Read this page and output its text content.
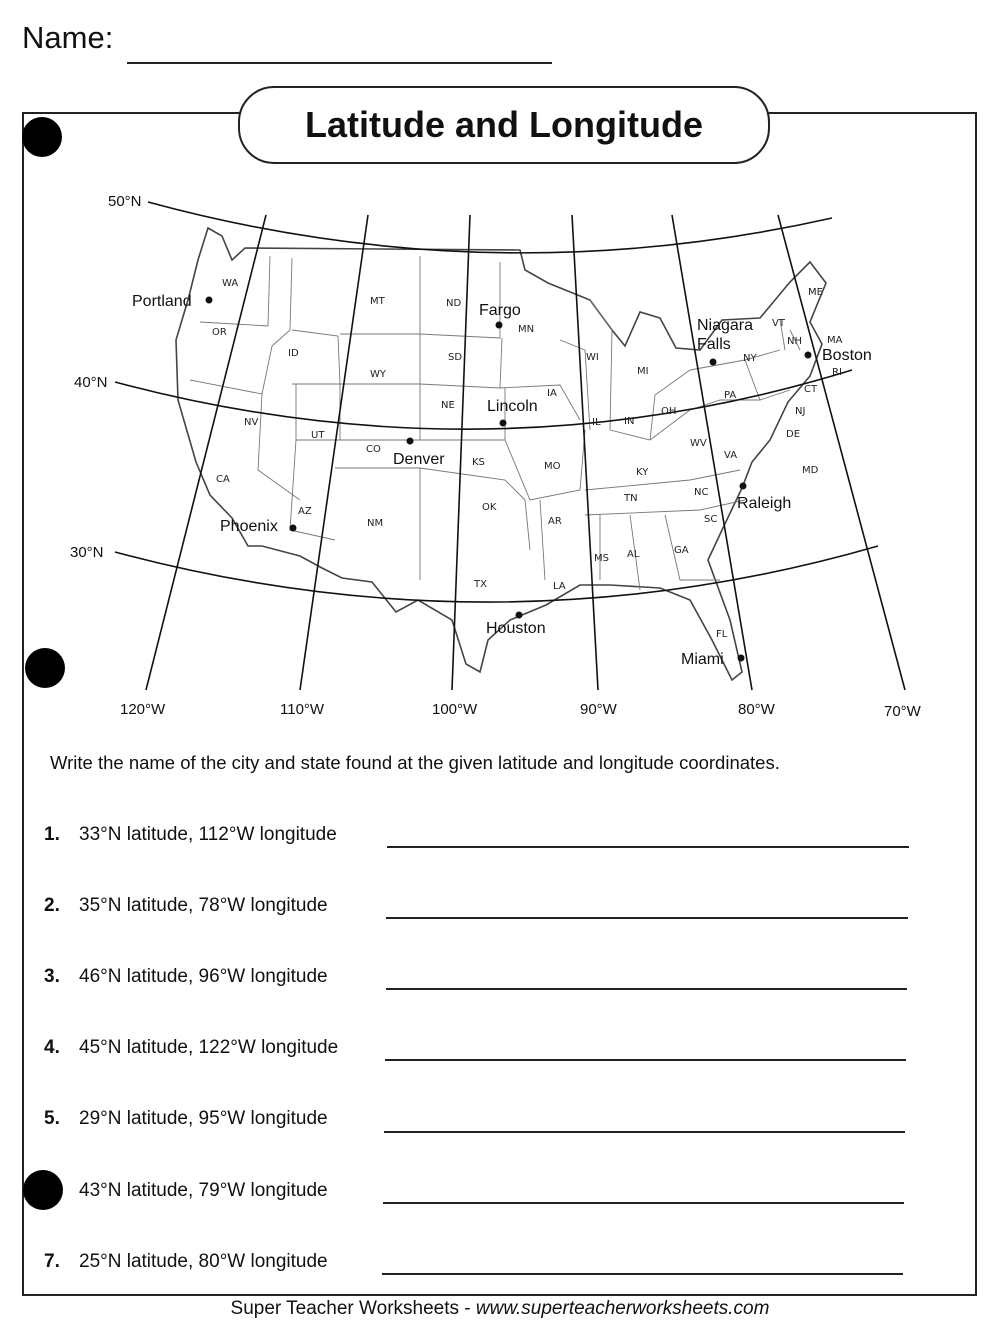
Name:
Latitude and Longitude
50°N
40°N
30°N
120°W	110°W	100°W	90°W	80°W	70°W
Portland
Fargo
Niagara
Falls
Boston
Lincoln
Denver
Raleigh
Phoenix
Houston
Miami
WA
OR
ID
MT	ND
MN
WY
SD
NV
UT
CO
NE
IA
WI
MI
NY
VT
NH
ME
MA
RI
CT
NJ
DE
MD
PA
OH
IN
IL
KS	MO
KY
WV
VA
NC
TN
SC
CA
AZ
NM
OK
AR
TX	LA
MS AL	GA
FL
Write the name of the city and state found at the given latitude and longitude coordinates.
1.	33°N latitude, 112°W longitude
2.	35°N latitude, 78°W longitude
3.	46°N latitude, 96°W longitude
4.	45°N latitude, 122°W longitude
5.	29°N latitude, 95°W longitude
43°N latitude, 79°W longitude
7.	25°N latitude, 80°W longitude
Super Teacher Worksheets - www.superteacherworksheets.com
